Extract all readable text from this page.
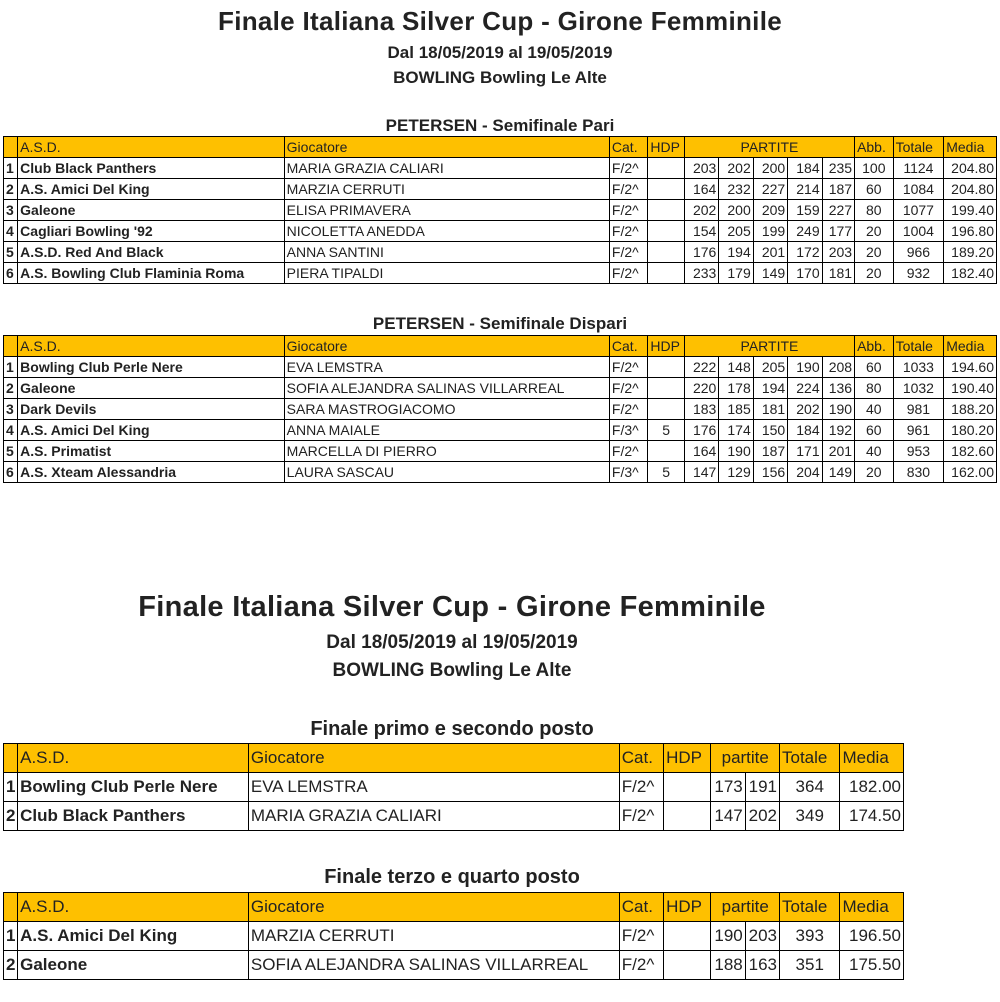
Finale Italiana Silver Cup - Girone Femminile
Dal 18/05/2019 al 19/05/2019
BOWLING Bowling Le Alte
PETERSEN - Semifinale Pari
	A.S.D.	Giocatore	Cat.	HDP	PARTITE					Abb.	Totale	Media
1	Club Black Panthers	MARIA GRAZIA CALIARI	F/2^		203	202	200	184	235	100	1124	204.80
2	A.S. Amici Del King	MARZIA CERRUTI	F/2^		164	232	227	214	187	60	1084	204.80
3	Galeone	ELISA PRIMAVERA	F/2^		202	200	209	159	227	80	1077	199.40
4	Cagliari Bowling '92	NICOLETTA ANEDDA	F/2^		154	205	199	249	177	20	1004	196.80
5	A.S.D. Red And Black	ANNA SANTINI	F/2^		176	194	201	172	203	20	966	189.20
6	A.S. Bowling Club Flaminia Roma	PIERA TIPALDI	F/2^		233	179	149	170	181	20	932	182.40
PETERSEN - Semifinale Dispari
	A.S.D.	Giocatore	Cat.	HDP	PARTITE					Abb.	Totale	Media
1	Bowling Club Perle Nere	EVA LEMSTRA	F/2^		222	148	205	190	208	60	1033	194.60
2	Galeone	SOFIA ALEJANDRA SALINAS VILLARREAL	F/2^		220	178	194	224	136	80	1032	190.40
3	Dark Devils	SARA MASTROGIACOMO	F/2^		183	185	181	202	190	40	981	188.20
4	A.S. Amici Del King	ANNA MAIALE	F/3^	5	176	174	150	184	192	60	961	180.20
5	A.S. Primatist	MARCELLA DI PIERRO	F/2^		164	190	187	171	201	40	953	182.60
6	A.S. Xteam Alessandria	LAURA SASCAU	F/3^	5	147	129	156	204	149	20	830	162.00
Finale Italiana Silver Cup - Girone Femminile
Dal 18/05/2019 al 19/05/2019
BOWLING Bowling Le Alte
Finale primo e secondo posto
	A.S.D.	Giocatore	Cat.	HDP	partite		Totale	Media
1	Bowling Club Perle Nere	EVA LEMSTRA	F/2^		173	191	364	182.00
2	Club Black Panthers	MARIA GRAZIA CALIARI	F/2^		147	202	349	174.50
Finale terzo e quarto posto
	A.S.D.	Giocatore	Cat.	HDP	partite		Totale	Media
1	A.S. Amici Del King	MARZIA CERRUTI	F/2^		190	203	393	196.50
2	Galeone	SOFIA ALEJANDRA SALINAS VILLARREAL	F/2^		188	163	351	175.50
